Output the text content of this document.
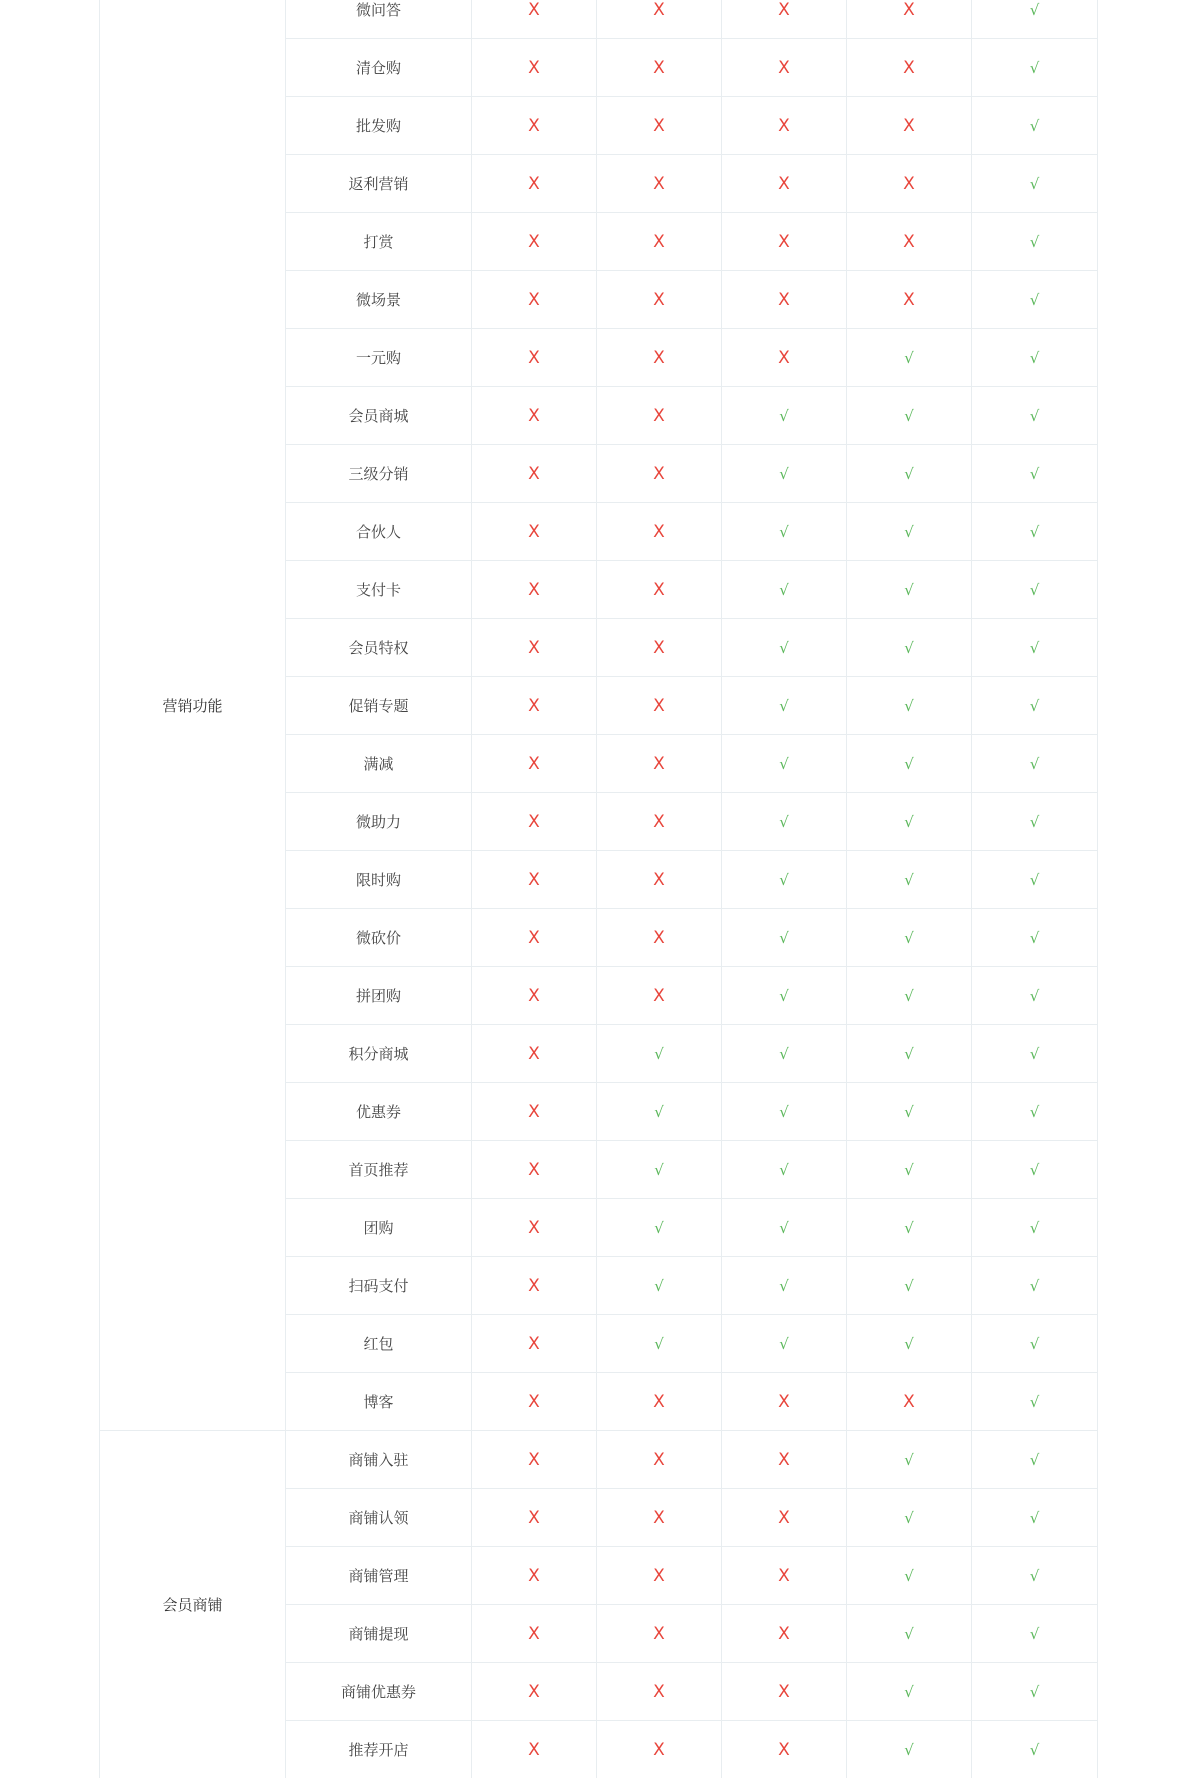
营销功能	微问答	X	X	X	X	√
	清仓购	X	X	X	X	√
	批发购	X	X	X	X	√
	返利营销	X	X	X	X	√
	打赏	X	X	X	X	√
	微场景	X	X	X	X	√
	一元购	X	X	X	√	√
	会员商城	X	X	√	√	√
	三级分销	X	X	√	√	√
	合伙人	X	X	√	√	√
	支付卡	X	X	√	√	√
	会员特权	X	X	√	√	√
	促销专题	X	X	√	√	√
	满减	X	X	√	√	√
	微助力	X	X	√	√	√
	限时购	X	X	√	√	√
	微砍价	X	X	√	√	√
	拼团购	X	X	√	√	√
	积分商城	X	√	√	√	√
	优惠券	X	√	√	√	√
	首页推荐	X	√	√	√	√
	团购	X	√	√	√	√
	扫码支付	X	√	√	√	√
	红包	X	√	√	√	√
	博客	X	X	X	X	√
会员商铺	商铺入驻	X	X	X	√	√
	商铺认领	X	X	X	√	√
	商铺管理	X	X	X	√	√
	商铺提现	X	X	X	√	√
	商铺优惠券	X	X	X	√	√
	推荐开店	X	X	X	√	√
